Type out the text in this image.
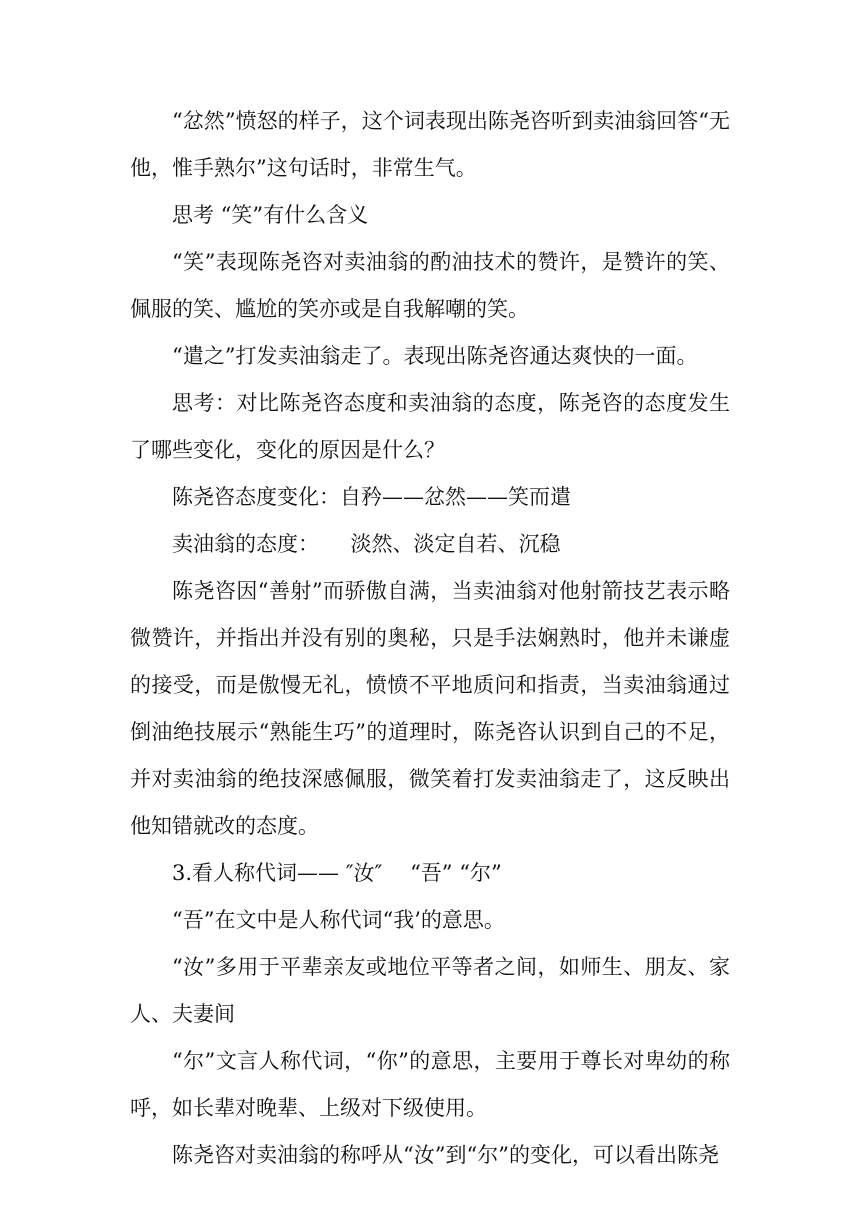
“忿然”愤怒的样子，这个词表现出陈尧咨听到卖油翁回答“无他，惟手熟尔”这句话时，非常生气。

思考 “笑”有什么含义

“笑”表现陈尧咨对卖油翁的酌油技术的赞许，是赞许的笑、佩服的笑、尴尬的笑亦或是自我解嘲的笑。

“遣之”打发卖油翁走了。表现出陈尧咨通达爽快的一面。

思考：对比陈尧咨态度和卖油翁的态度，陈尧咨的态度发生了哪些变化，变化的原因是什么？

陈尧咨态度变化：自矜——忿然——笑而遣

卖油翁的态度：　　淡然、淡定自若、沉稳

陈尧咨因“善射”而骄傲自满，当卖油翁对他射箭技艺表示略微赞许，并指出并没有别的奥秘，只是手法娴熟时，他并未谦虚的接受，而是傲慢无礼，愤愤不平地质问和指责，当卖油翁通过倒油绝技展示“熟能生巧”的道理时，陈尧咨认识到自己的不足，并对卖油翁的绝技深感佩服，微笑着打发卖油翁走了，这反映出他知错就改的态度。

3.看人称代词—— ″汝″　 “吾” “尔”

“吾”在文中是人称代词“我’的意思。

“汝”多用于平辈亲友或地位平等者之间，如师生、朋友、家人、夫妻间

“尔”文言人称代词，“你”的意思，主要用于尊长对卑幼的称呼，如长辈对晚辈、上级对下级使用。

陈尧咨对卖油翁的称呼从“汝”到“尔”的变化，可以看出陈尧
